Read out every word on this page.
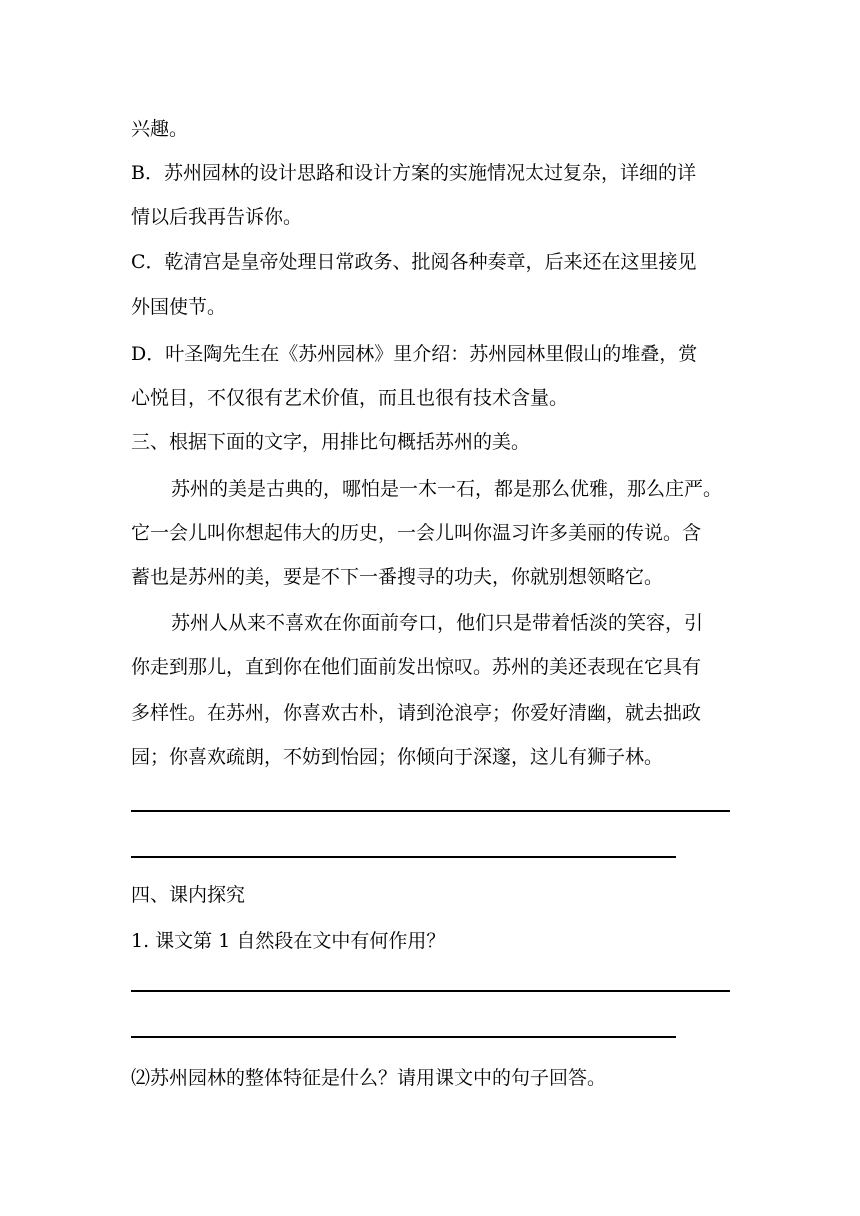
兴趣。
B．苏州园林的设计思路和设计方案的实施情况太过复杂，详细的详
情以后我再告诉你。
C．乾清宫是皇帝处理日常政务、批阅各种奏章，后来还在这里接见
外国使节。
D．叶圣陶先生在《苏州园林》里介绍：苏州园林里假山的堆叠，赏
心悦目，不仅很有艺术价值，而且也很有技术含量。
三、根据下面的文字，用排比句概括苏州的美。
苏州的美是古典的，哪怕是一木一石，都是那么优雅，那么庄严。
它一会儿叫你想起伟大的历史，一会儿叫你温习许多美丽的传说。含
蓄也是苏州的美，要是不下一番搜寻的功夫，你就别想领略它。
苏州人从来不喜欢在你面前夸口，他们只是带着恬淡的笑容，引
你走到那儿，直到你在他们面前发出惊叹。苏州的美还表现在它具有
多样性。在苏州，你喜欢古朴，请到沧浪亭；你爱好清幽，就去拙政
园；你喜欢疏朗，不妨到怡园；你倾向于深邃，这儿有狮子林。
四、课内探究
1. 课文第 1 自然段在文中有何作用？
⑵苏州园林的整体特征是什么？请用课文中的句子回答。
